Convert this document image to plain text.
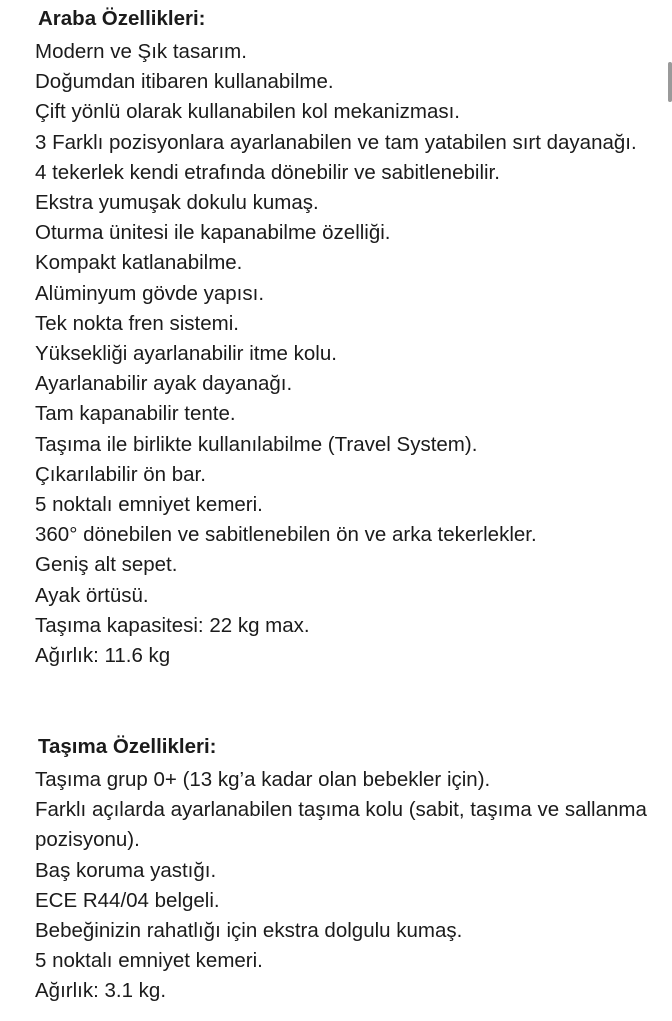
Araba Özellikleri:
Modern ve Şık tasarım.
Doğumdan itibaren kullanabilme.
Çift yönlü olarak kullanabilen kol mekanizması.
3 Farklı pozisyonlara ayarlanabilen ve tam yatabilen sırt dayanağı.
4 tekerlek kendi etrafında dönebilir ve sabitlenebilir.
Ekstra yumuşak dokulu kumaş.
Oturma ünitesi ile kapanabilme özelliği.
Kompakt katlanabilme.
Alüminyum gövde yapısı.
Tek nokta fren sistemi.
Yüksekliği ayarlanabilir itme kolu.
Ayarlanabilir ayak dayanağı.
Tam kapanabilir tente.
Taşıma ile birlikte kullanılabilme (Travel System).
Çıkarılabilir ön bar.
5 noktalı emniyet kemeri.
360° dönebilen ve sabitlenebilen ön ve arka tekerlekler.
Geniş alt sepet.
Ayak örtüsü.
Taşıma kapasitesi: 22 kg max.
Ağırlık: 11.6 kg
Taşıma Özellikleri:
Taşıma grup 0+ (13 kg’a kadar olan bebekler için).
Farklı açılarda ayarlanabilen taşıma kolu (sabit, taşıma ve sallanma pozisyonu).
Baş koruma yastığı.
ECE R44/04 belgeli.
Bebeğinizin rahatlığı için ekstra dolgulu kumaş.
5 noktalı emniyet kemeri.
Ağırlık: 3.1 kg.
